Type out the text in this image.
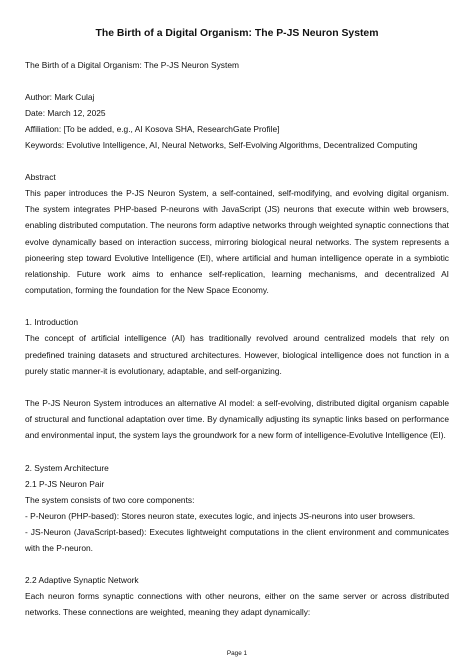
The Birth of a Digital Organism: The P-JS Neuron System
The Birth of a Digital Organism: The P-JS Neuron System
Author: Mark Culaj
Date: March 12, 2025
Affiliation: [To be added, e.g., AI Kosova SHA, ResearchGate Profile]
Keywords: Evolutive Intelligence, AI, Neural Networks, Self-Evolving Algorithms, Decentralized Computing
Abstract

This paper introduces the P-JS Neuron System, a self-contained, self-modifying, and evolving digital organism. The system integrates PHP-based P-neurons with JavaScript (JS) neurons that execute within web browsers, enabling distributed computation. The neurons form adaptive networks through weighted synaptic connections that evolve dynamically based on interaction success, mirroring biological neural networks. The system represents a pioneering step toward Evolutive Intelligence (EI), where artificial and human intelligence operate in a symbiotic relationship. Future work aims to enhance self-replication, learning mechanisms, and decentralized AI computation, forming the foundation for the New Space Economy.

1. Introduction

The concept of artificial intelligence (AI) has traditionally revolved around centralized models that rely on predefined training datasets and structured architectures. However, biological intelligence does not function in a purely static manner-it is evolutionary, adaptable, and self-organizing.

The P-JS Neuron System introduces an alternative AI model: a self-evolving, distributed digital organism capable of structural and functional adaptation over time. By dynamically adjusting its synaptic links based on performance and environmental input, the system lays the groundwork for a new form of intelligence-Evolutive Intelligence (EI).

2. System Architecture
2.1 P-JS Neuron Pair
The system consists of two core components:
- P-Neuron (PHP-based): Stores neuron state, executes logic, and injects JS-neurons into user browsers.

- JS-Neuron (JavaScript-based): Executes lightweight computations in the client environment and communicates with the P-neuron.

2.2 Adaptive Synaptic Network

Each neuron forms synaptic connections with other neurons, either on the same server or across distributed networks. These connections are weighted, meaning they adapt dynamically:

Page 1
